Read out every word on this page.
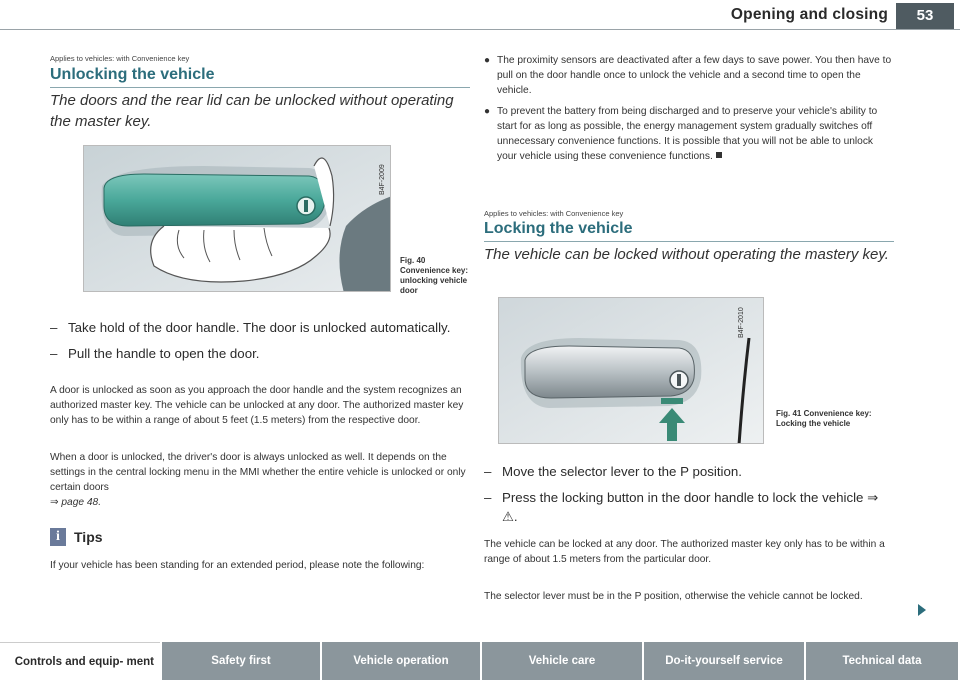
Opening and closing	53
Applies to vehicles: with Convenience key
Unlocking the vehicle
The doors and the rear lid can be unlocked without operating the master key.
B4F-2009
Fig. 40 Convenience key: unlocking vehicle door
– Take hold of the door handle. The door is unlocked automatically.
– Pull the handle to open the door.
A door is unlocked as soon as you approach the door handle and the system recognizes an authorized master key. The vehicle can be unlocked at any door. The authorized master key only has to be within a range of about 5 feet (1.5 meters) from the respective door.
When a door is unlocked, the driver's door is always unlocked as well. It depends on the settings in the central locking menu in the MMI whether the entire vehicle is unlocked or only certain doors
⇒ page 48.
i	Tips
If your vehicle has been standing for an extended period, please note the following:
● The proximity sensors are deactivated after a few days to save power. You then have to pull on the door handle once to unlock the vehicle and a second time to open the vehicle.
● To prevent the battery from being discharged and to preserve your vehicle's ability to start for as long as possible, the energy management system gradually switches off unnecessary convenience functions. It is possible that you will not be able to unlock your vehicle using these convenience functions.
Applies to vehicles: with Convenience key
Locking the vehicle
The vehicle can be locked without operating the mastery key.
B4F-2010
Fig. 41 Convenience key: Locking the vehicle
– Move the selector lever to the P position.
– Press the locking button in the door handle to lock the vehicle ⇒ ⚠.
The vehicle can be locked at any door. The authorized master key only has to be within a range of about 1.5 meters from the particular door.
The selector lever must be in the P position, otherwise the vehicle cannot be locked.
Controls and equip- ment	Safety first	Vehicle operation	Vehicle care	Do-it-yourself service	Technical data
